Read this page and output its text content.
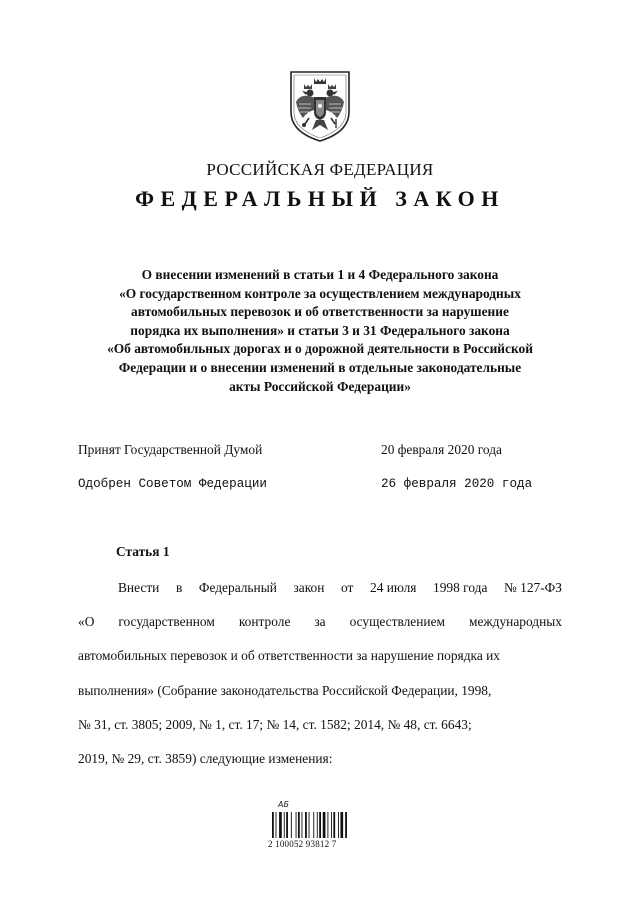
РОССИЙСКАЯ ФЕДЕРАЦИЯ
ФЕДЕРАЛЬНЫЙ ЗАКОН
О внесении изменений в статьи 1 и 4 Федерального закона
«О государственном контроле за осуществлением международных
автомобильных перевозок и об ответственности за нарушение
порядка их выполнения» и статьи 3 и 31 Федерального закона
«Об автомобильных дорогах и о дорожной деятельности в Российской
Федерации и о внесении изменений в отдельные законодательные
акты Российской Федерации»
Принят Государственной Думой	20 февраля 2020 года
Одобрен Советом Федерации	26 февраля 2020 года
Статья 1
Внести в Федеральный закон от 24 июля 1998 года № 127-ФЗ
«О государственном контроле за осуществлением международных
автомобильных перевозок и об ответственности за нарушение порядка их
выполнения» (Собрание законодательства Российской Федерации, 1998,
№ 31, ст. 3805; 2009, № 1, ст. 17; № 14, ст. 1582; 2014, № 48, ст. 6643;
2019, № 29, ст. 3859) следующие изменения:
АБ
2 100052 93812 7
